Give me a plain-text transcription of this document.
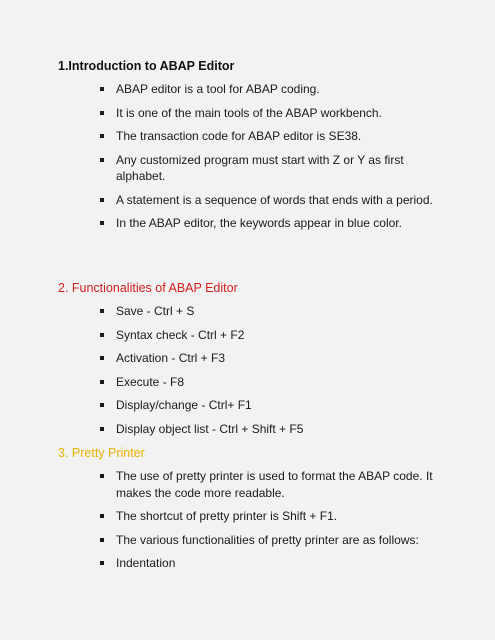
1.Introduction to ABAP Editor
ABAP editor is a tool for ABAP coding.
It is one of the main tools of the ABAP workbench.
The transaction code for ABAP editor is SE38.
Any customized program must start with Z or Y as first alphabet.
A statement is a sequence of words that ends with a period.
In the ABAP editor, the keywords appear in blue color.
2. Functionalities of ABAP Editor
Save - Ctrl + S
Syntax check - Ctrl + F2
Activation - Ctrl + F3
Execute - F8
Display/change - Ctrl+ F1
Display object list - Ctrl + Shift + F5
3. Pretty Printer
The use of pretty printer is used to format the ABAP code. It makes the code more readable.
The shortcut of pretty printer is Shift + F1.
The various functionalities of pretty printer are as follows:
Indentation
